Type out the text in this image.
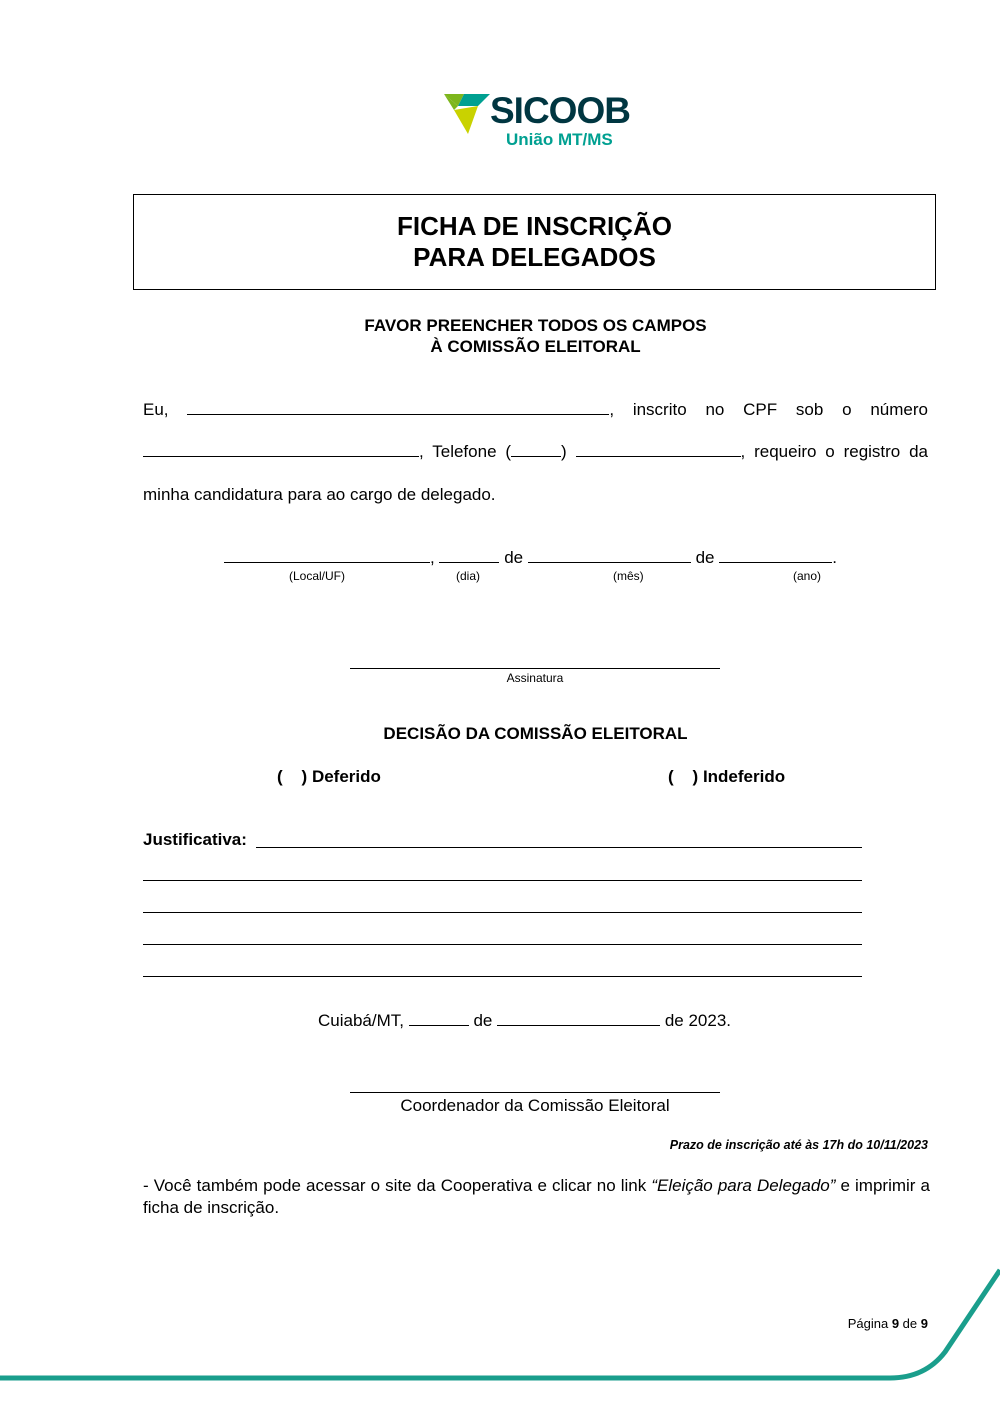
SICOOB
União MT/MS
FICHA DE INSCRIÇÃO
PARA DELEGADOS
FAVOR PREENCHER TODOS OS CAMPOS
À COMISSÃO ELEITORAL
Eu,	, inscrito no CPF sob o número
, Telefone (	)	, requeiro o registro da
minha candidatura para ao cargo de delegado.
,	de	de	.
(Local/UF)	(dia)	(mês)	(ano)
Assinatura
DECISÃO DA COMISSÃO ELEITORAL
(    ) Deferido	(    ) Indeferido
Justificativa:
Cuiabá/MT,	de	de 2023.
Coordenador da Comissão Eleitoral
Prazo de inscrição até às 17h do 10/11/2023
- Você também pode acessar o site da Cooperativa e clicar no link “Eleição para Delegado” e imprimir a ficha de inscrição.
Página 9 de 9
